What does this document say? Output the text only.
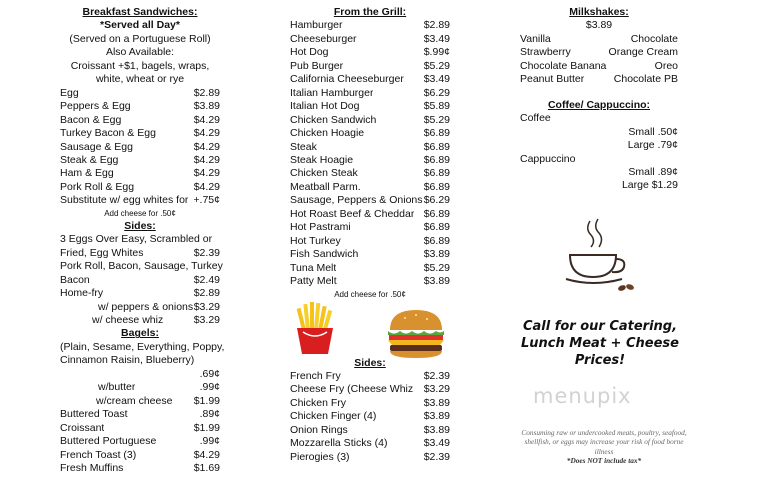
Breakfast Sandwiches:
*Served all Day*
(Served on a Portuguese Roll)
Also Available:
Croissant +$1, bagels, wraps,
white, wheat or rye
Egg	$2.89
Peppers & Egg	$3.89
Bacon & Egg	$4.29
Turkey Bacon & Egg	$4.29
Sausage & Egg	$4.29
Steak & Egg	$4.29
Ham & Egg	$4.29
Pork Roll & Egg	$4.29
Substitute w/ egg whites for +.75¢
Add cheese for .50¢
Sides:
3 Eggs Over Easy, Scrambled or
Fried, Egg Whites	$2.39
Pork Roll, Bacon, Sausage, Turkey
Bacon	$2.49
Home-fry	$2.89
w/ peppers & onions $3.29
w/ cheese whiz	$3.29
Bagels:
(Plain, Sesame, Everything, Poppy,
Cinnamon Raisin, Blueberry)
.69¢
w/butter	.99¢
w/cream cheese $1.99
Buttered Toast	.89¢
Croissant	$1.99
Buttered Portuguese	.99¢
French Toast (3)	$4.29
Fresh Muffins	$1.69
From the Grill:
Hamburger	$2.89
Cheeseburger	$3.49
Hot Dog	$.99¢
Pub Burger	$5.29
California Cheeseburger $3.49
Italian Hamburger	$6.29
Italian Hot Dog	$5.89
Chicken Sandwich	$5.29
Chicken Hoagie	$6.89
Steak	$6.89
Steak Hoagie	$6.89
Chicken Steak	$6.89
Meatball Parm.	$6.89
Sausage, Peppers & Onions $6.29
Hot Roast Beef & Cheddar $6.89
Hot Pastrami	$6.89
Hot Turkey	$6.89
Fish Sandwich	$3.89
Tuna Melt	$5.29
Patty Melt	$3.89
Add cheese for .50¢
Sides:
French Fry	$2.39
Cheese Fry (Cheese Whiz $3.29
Chicken Fry	$3.89
Chicken Finger (4)	$3.89
Onion Rings	$3.89
Mozzarella Sticks (4)	$3.49
Pierogies (3)	$2.39
Milkshakes:
$3.89
Vanilla	Chocolate
Strawberry	Orange Cream
Chocolate Banana	Oreo
Peanut Butter	Chocolate PB
Coffee/ Cappuccino:
Coffee
Small .50¢
Large .79¢
Cappuccino
Small .89¢
Large $1.29
Call for our Catering,
Lunch Meat + Cheese
Prices!
menupix
Consuming raw or undercooked meats, poultry, seafood, shellfish, or eggs may increase your risk of food borne illness
*Does NOT include tax*
